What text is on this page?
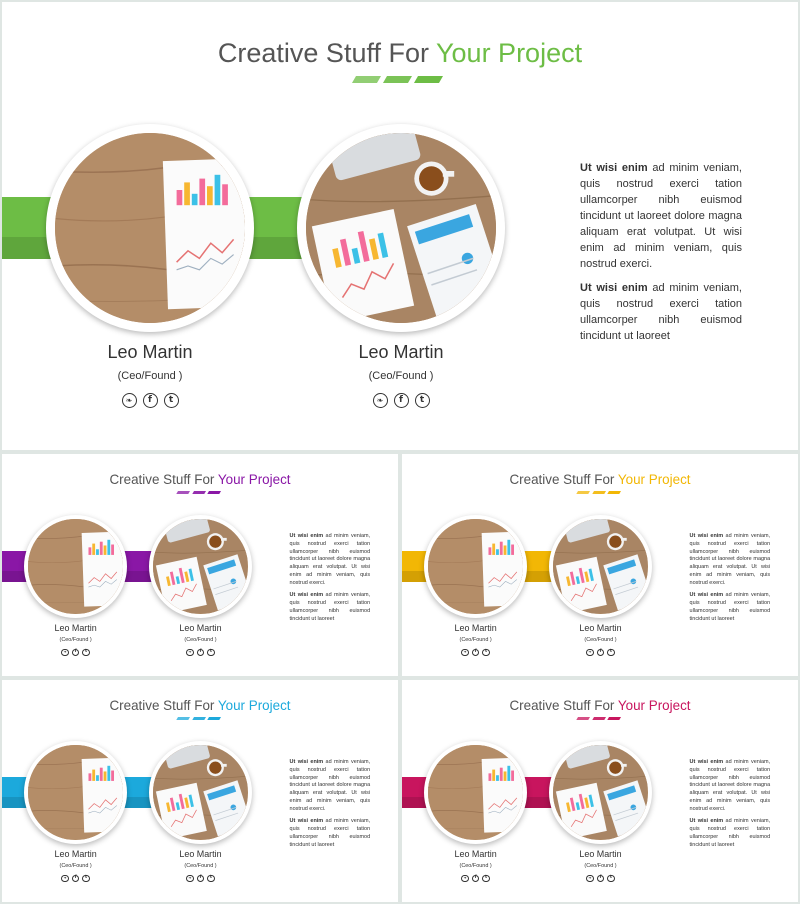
Creative Stuff For Your Project
Leo Martin
(Ceo/Found )
❧	f	t
Leo Martin
(Ceo/Found )
❧	f	t

Ut wisi enim ad minim veniam, quis nostrud exerci tation ullamcorper nibh euismod tincidunt ut laoreet dolore magna aliquam erat volutpat. Ut wisi enim ad minim veniam, quis nostrud exerci.

Ut wisi enim ad minim veniam, quis nostrud exerci tation ullamcorper nibh euismod tincidunt ut laoreet

Creative Stuff For Your Project
Leo Martin
(Ceo/Found )
❧	f	t
Leo Martin
(Ceo/Found )
❧	f	t

Ut wisi enim ad minim veniam, quis nostrud exerci tation ullamcorper nibh euismod tincidunt ut laoreet dolore magna aliquam erat volutpat. Ut wisi enim ad minim veniam, quis nostrud exerci.

Ut wisi enim ad minim veniam, quis nostrud exerci tation ullamcorper nibh euismod tincidunt ut laoreet

Creative Stuff For Your Project
Leo Martin
(Ceo/Found )
❧	f	t
Leo Martin
(Ceo/Found )
❧	f	t

Ut wisi enim ad minim veniam, quis nostrud exerci tation ullamcorper nibh euismod tincidunt ut laoreet dolore magna aliquam erat volutpat. Ut wisi enim ad minim veniam, quis nostrud exerci.

Ut wisi enim ad minim veniam, quis nostrud exerci tation ullamcorper nibh euismod tincidunt ut laoreet

Creative Stuff For Your Project
Leo Martin
(Ceo/Found )
❧	f	t
Leo Martin
(Ceo/Found )
❧	f	t

Ut wisi enim ad minim veniam, quis nostrud exerci tation ullamcorper nibh euismod tincidunt ut laoreet dolore magna aliquam erat volutpat. Ut wisi enim ad minim veniam, quis nostrud exerci.

Ut wisi enim ad minim veniam, quis nostrud exerci tation ullamcorper nibh euismod tincidunt ut laoreet

Creative Stuff For Your Project
Leo Martin
(Ceo/Found )
❧	f	t
Leo Martin
(Ceo/Found )
❧	f	t

Ut wisi enim ad minim veniam, quis nostrud exerci tation ullamcorper nibh euismod tincidunt ut laoreet dolore magna aliquam erat volutpat. Ut wisi enim ad minim veniam, quis nostrud exerci.

Ut wisi enim ad minim veniam, quis nostrud exerci tation ullamcorper nibh euismod tincidunt ut laoreet
